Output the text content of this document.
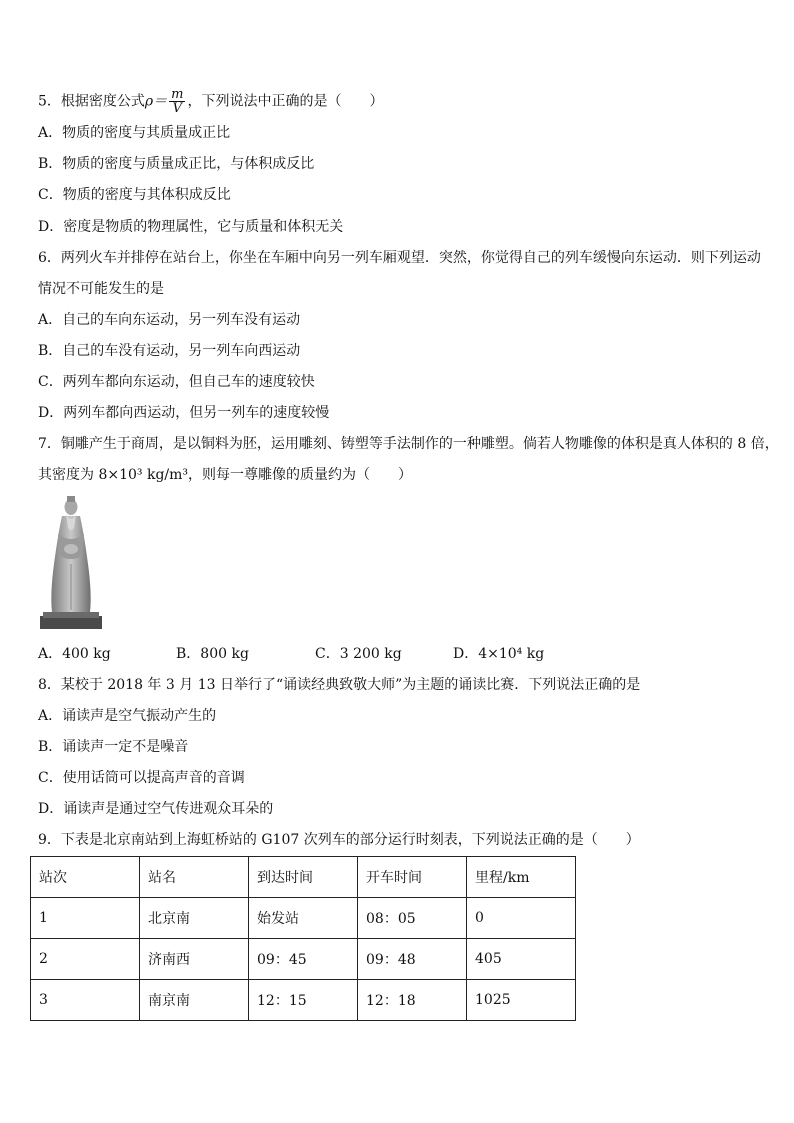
5．根据密度公式$\rho= \frac{m}{V}$ ，下列说法中正确的是（　　）
A．物质的密度与其质量成正比
B．物质的密度与质量成正比，与体积成反比
C．物质的密度与其体积成反比
D．密度是物质的物理属性，它与质量和体积无关
6．两列火车并排停在站台上，你坐在车厢中向另一列车厢观望．突然，你觉得自己的列车缓慢向东运动．则下列运动
情况不可能发生的是
A．自己的车向东运动，另一列车没有运动
B．自己的车没有运动，另一列车向西运动
C．两列车都向东运动，但自己车的速度较快
D．两列车都向西运动，但另一列车的速度较慢
7．铜雕产生于商周，是以铜料为胚，运用雕刻、铸塑等手法制作的一种雕塑。倘若人物雕像的体积是真人体积的 8 倍，
其密度为 8×10³ kg/m³，则每一尊雕像的质量约为（　　）
A．400 kg	B．800 kg	C．3 200 kg	D．4×10⁴ kg
8．某校于 2018 年 3 月 13 日举行了“诵读经典致敬大师”为主题的诵读比赛．下列说法正确的是
A．诵读声是空气振动产生的
B．诵读声一定不是噪音
C．使用话筒可以提高声音的音调
D．诵读声是通过空气传进观众耳朵的
9．下表是北京南站到上海虹桥站的 G107 次列车的部分运行时刻表，下列说法正确的是（　　）
站次	站名	到达时间	开车时间	里程/km
1	北京南	始发站	08：05	0
2	济南西	09：45	09：48	405
3	南京南	12：15	12：18	1025
